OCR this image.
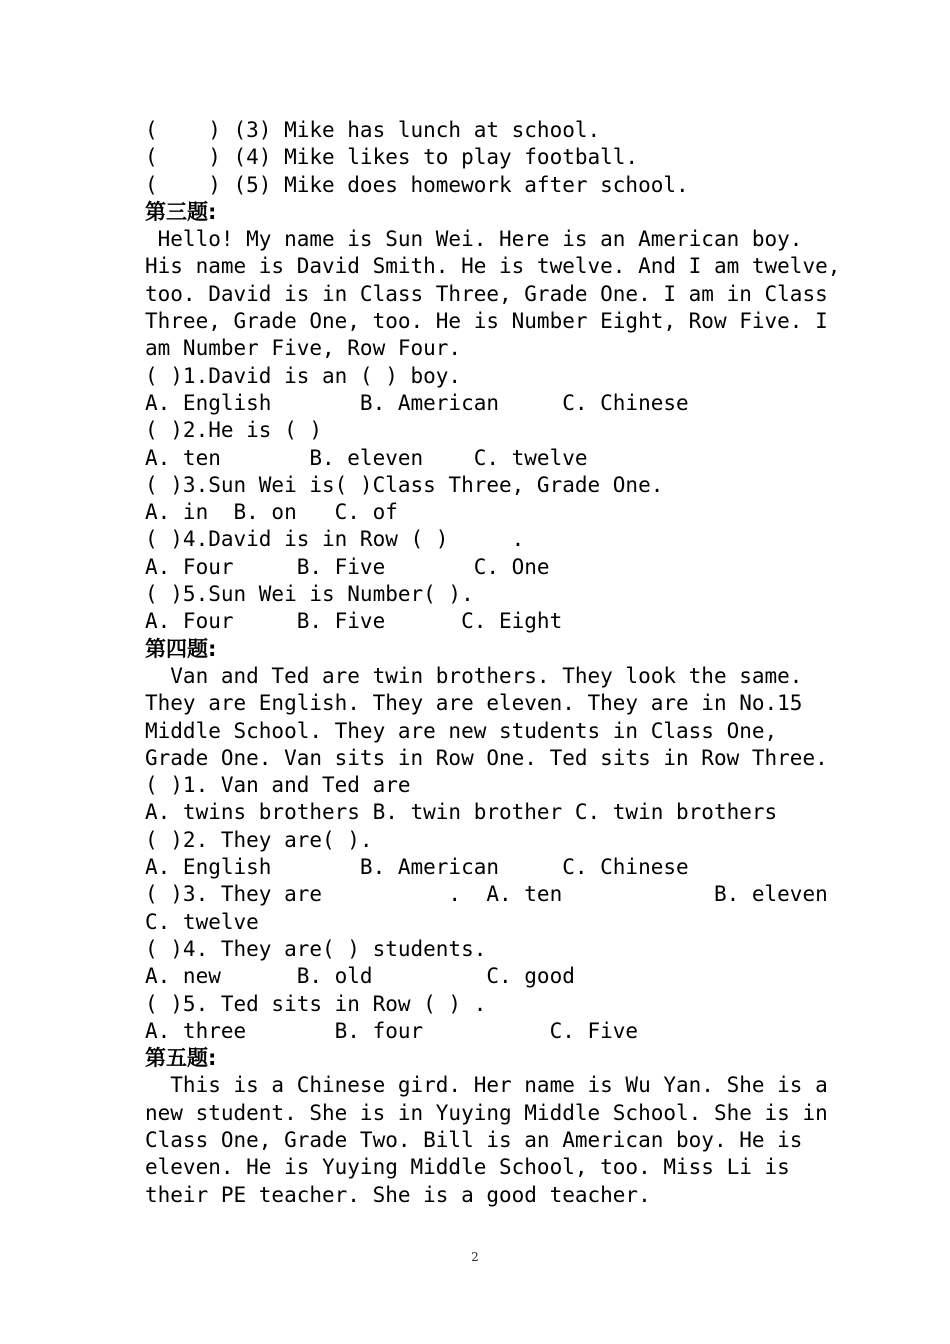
(    ) (3) Mike has lunch at school.
(    ) (4) Mike likes to play football.
(    ) (5) Mike does homework after school.
第三题:
Hello! My name is Sun Wei. Here is an American boy.
His name is David Smith. He is twelve. And I am twelve,
too. David is in Class Three, Grade One. I am in Class
Three, Grade One, too. He is Number Eight, Row Five. I
am Number Five, Row Four.
( )1.David is an ( ) boy.
A. English       B. American     C. Chinese
( )2.He is ( )
A. ten       B. eleven    C. twelve
( )3.Sun Wei is( )Class Three, Grade One.
A. in  B. on   C. of
( )4.David is in Row ( )     .
A. Four     B. Five       C. One
( )5.Sun Wei is Number( ).
A. Four     B. Five      C. Eight
第四题:
Van and Ted are twin brothers. They look the same.
They are English. They are eleven. They are in No.15
Middle School. They are new students in Class One,
Grade One. Van sits in Row One. Ted sits in Row Three.
( )1. Van and Ted are
A. twins brothers B. twin brother C. twin brothers
( )2. They are( ).
A. English       B. American     C. Chinese
( )3. They are          .  A. ten            B. eleven
C. twelve
( )4. They are( ) students.
A. new      B. old         C. good
( )5. Ted sits in Row ( ) .
A. three       B. four          C. Five
第五题:
This is a Chinese gird. Her name is Wu Yan. She is a
new student. She is in Yuying Middle School. She is in
Class One, Grade Two. Bill is an American boy. He is
eleven. He is Yuying Middle School, too. Miss Li is
their PE teacher. She is a good teacher.
2
